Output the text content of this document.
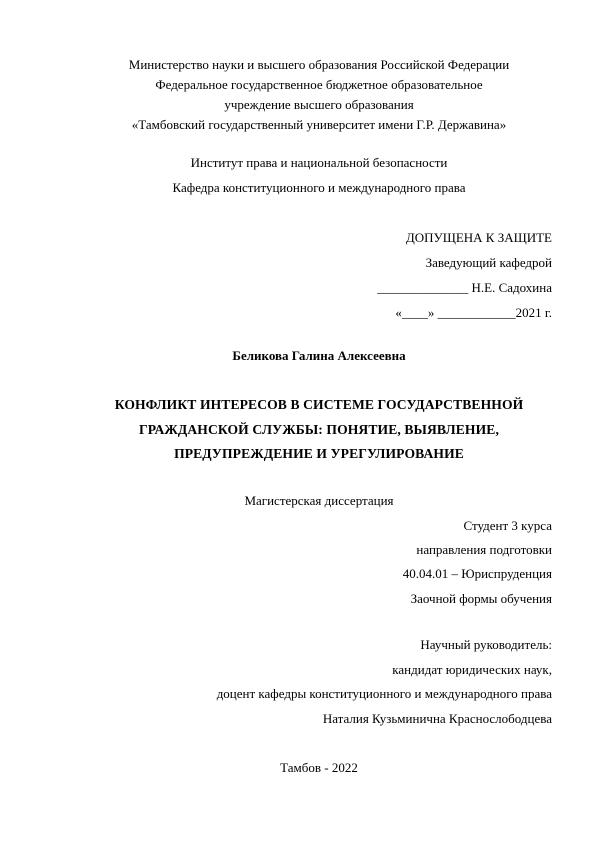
Министерство науки и высшего образования Российской Федерации
Федеральное государственное бюджетное образовательное
учреждение высшего образования
«Тамбовский государственный университет имени Г.Р. Державина»
Институт права и национальной безопасности
Кафедра конституционного и международного права
ДОПУЩЕНА К ЗАЩИТЕ
Заведующий кафедрой
______________ Н.Е. Садохина
«____» ____________2021 г.
Беликова Галина Алексеевна
КОНФЛИКТ ИНТЕРЕСОВ В СИСТЕМЕ ГОСУДАРСТВЕННОЙ
ГРАЖДАНСКОЙ СЛУЖБЫ: ПОНЯТИЕ, ВЫЯВЛЕНИЕ,
ПРЕДУПРЕЖДЕНИЕ И УРЕГУЛИРОВАНИЕ
Магистерская диссертация
Студент 3 курса
направления подготовки
40.04.01 – Юриспруденция
Заочной формы обучения
Научный руководитель:
кандидат юридических наук,
доцент кафедры конституционного и международного права
Наталия Кузьминична Краснослободцева
Тамбов - 2022
